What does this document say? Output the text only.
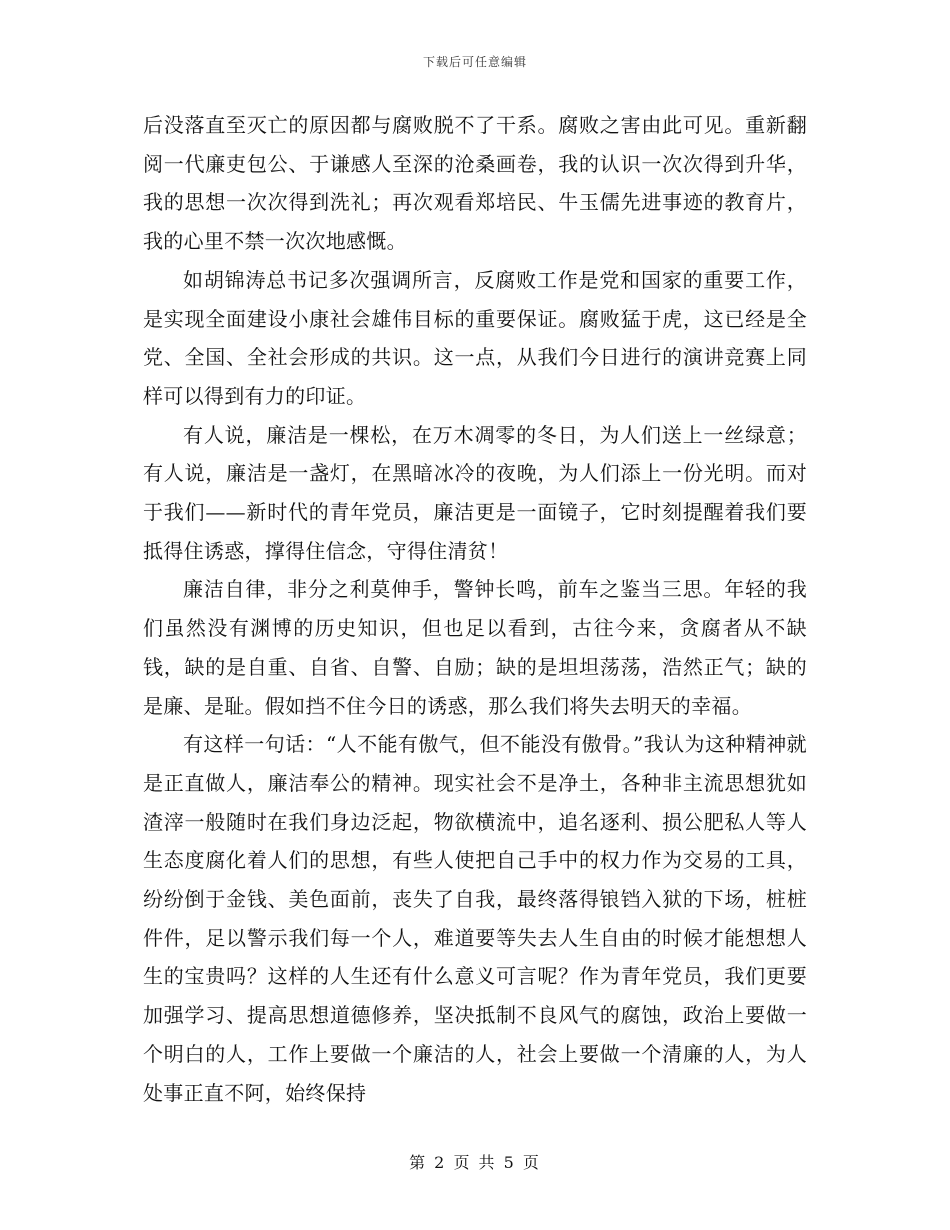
下载后可任意编辑

后没落直至灭亡的原因都与腐败脱不了干系。腐败之害由此可见。重新翻阅一代廉吏包公、于谦感人至深的沧桑画卷，我的认识一次次得到升华，我的思想一次次得到洗礼；再次观看郑培民、牛玉儒先进事迹的教育片，我的心里不禁一次次地感慨。

如胡锦涛总书记多次强调所言，反腐败工作是党和国家的重要工作，是实现全面建设小康社会雄伟目标的重要保证。腐败猛于虎，这已经是全党、全国、全社会形成的共识。这一点，从我们今日进行的演讲竞赛上同样可以得到有力的印证。

有人说，廉洁是一棵松，在万木凋零的冬日，为人们送上一丝绿意；有人说，廉洁是一盏灯，在黑暗冰冷的夜晚，为人们添上一份光明。而对于我们——新时代的青年党员，廉洁更是一面镜子，它时刻提醒着我们要抵得住诱惑，撑得住信念，守得住清贫！

廉洁自律，非分之利莫伸手，警钟长鸣，前车之鉴当三思。年轻的我们虽然没有渊博的历史知识，但也足以看到，古往今来，贪腐者从不缺钱，缺的是自重、自省、自警、自励；缺的是坦坦荡荡，浩然正气；缺的是廉、是耻。假如挡不住今日的诱惑，那么我们将失去明天的幸福。

有这样一句话：“人不能有傲气，但不能没有傲骨。”我认为这种精神就是正直做人，廉洁奉公的精神。现实社会不是净土，各种非主流思想犹如渣滓一般随时在我们身边泛起，物欲横流中，追名逐利、损公肥私人等人生态度腐化着人们的思想，有些人使把自己手中的权力作为交易的工具，纷纷倒于金钱、美色面前，丧失了自我，最终落得锒铛入狱的下场，桩桩件件，足以警示我们每一个人，难道要等失去人生自由的时候才能想想人生的宝贵吗？这样的人生还有什么意义可言呢？作为青年党员，我们更要加强学习、提高思想道德修养，坚决抵制不良风气的腐蚀，政治上要做一个明白的人，工作上要做一个廉洁的人，社会上要做一个清廉的人，为人处事正直不阿，始终保持

第 2 页 共 5 页
